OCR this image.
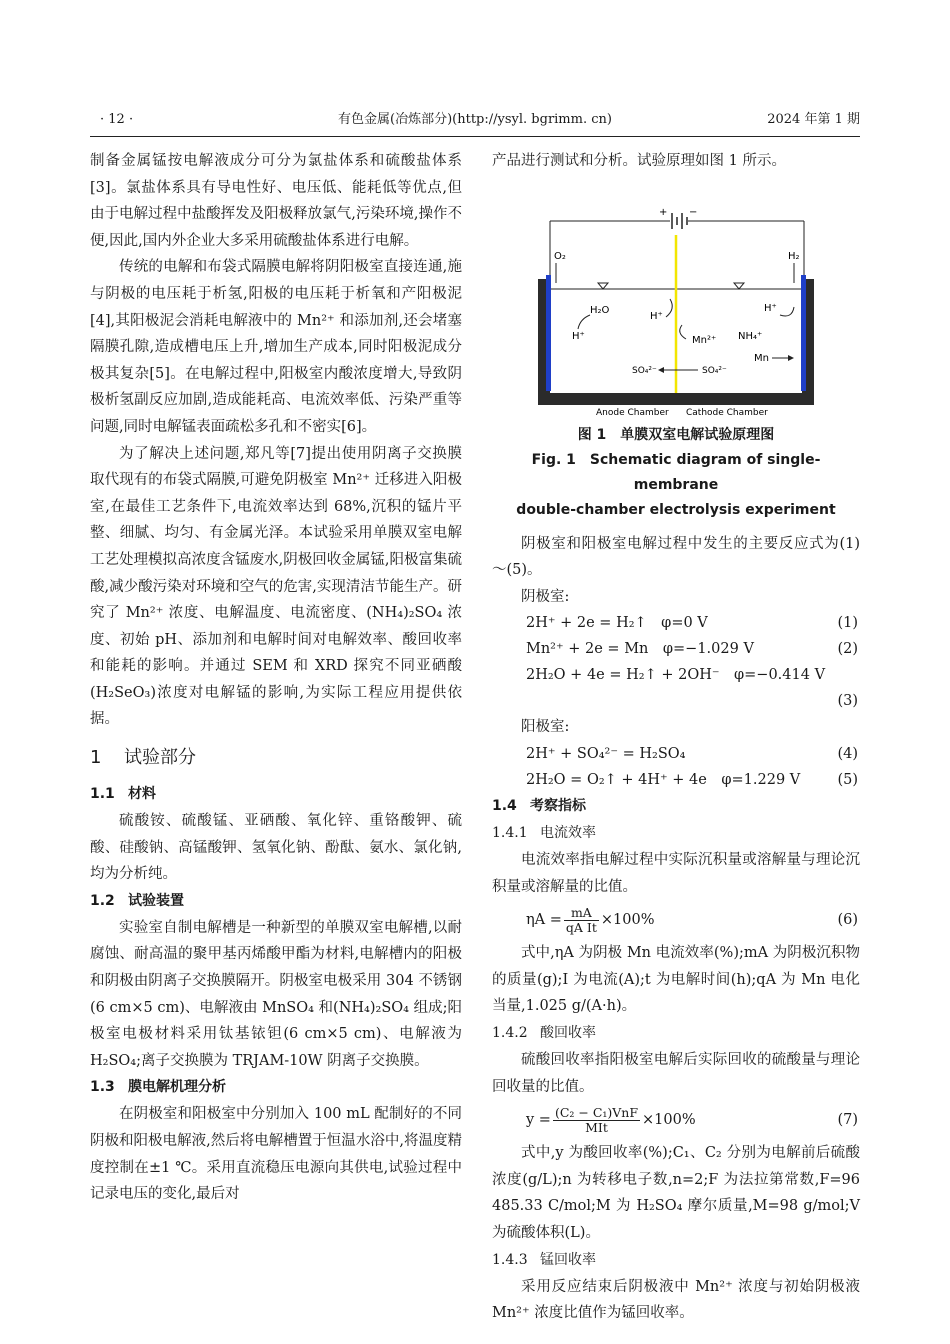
· 12 ·	有色金属(冶炼部分)(http://ysyl. bgrimm. cn)	2024 年第 1 期

制备金属锰按电解液成分可分为氯盐体系和硫酸盐体系[3]。氯盐体系具有导电性好、电压低、能耗低等优点,但由于电解过程中盐酸挥发及阳极释放氯气,污染环境,操作不便,因此,国内外企业大多采用硫酸盐体系进行电解。

传统的电解和布袋式隔膜电解将阴阳极室直接连通,施与阴极的电压耗于析氢,阳极的电压耗于析氧和产阳极泥[4],其阳极泥会消耗电解液中的 Mn²⁺ 和添加剂,还会堵塞隔膜孔隙,造成槽电压上升,增加生产成本,同时阳极泥成分极其复杂[5]。在电解过程中,阳极室内酸浓度增大,导致阴极析氢副反应加剧,造成能耗高、电流效率低、污染严重等问题,同时电解锰表面疏松多孔和不密实[6]。

为了解决上述问题,郑凡等[7]提出使用阴离子交换膜取代现有的布袋式隔膜,可避免阴极室 Mn²⁺ 迁移进入阳极室,在最佳工艺条件下,电流效率达到 68%,沉积的锰片平整、细腻、均匀、有金属光泽。本试验采用单膜双室电解工艺处理模拟高浓度含锰废水,阴极回收金属锰,阳极富集硫酸,减少酸污染对环境和空气的危害,实现清洁节能生产。研究了 Mn²⁺ 浓度、电解温度、电流密度、(NH₄)₂SO₄ 浓度、初始 pH、添加剂和电解时间对电解效率、酸回收率和能耗的影响。并通过 SEM 和 XRD 探究不同亚硒酸(H₂SeO₃)浓度对电解锰的影响,为实际工程应用提供依据。

1 试验部分
1.1 材料

硫酸铵、硫酸锰、亚硒酸、氧化锌、重铬酸钾、硫酸、硅酸钠、高锰酸钾、氢氧化钠、酚酞、氨水、氯化钠,均为分析纯。

1.2 试验装置

实验室自制电解槽是一种新型的单膜双室电解槽,以耐腐蚀、耐高温的聚甲基丙烯酸甲酯为材料,电解槽内的阳极和阴极由阴离子交换膜隔开。阴极室电极采用 304 不锈钢(6 cm×5 cm)、电解液由 MnSO₄ 和(NH₄)₂SO₄ 组成;阳极室电极材料采用钛基铱钽(6 cm×5 cm)、电解液为 H₂SO₄;离子交换膜为 TRJAM-10W 阴离子交换膜。

1.3 膜电解机理分析

在阴极室和阳极室中分别加入 100 mL 配制好的不同阴极和阳极电解液,然后将电解槽置于恒温水浴中,将温度精度控制在±1 ℃。采用直流稳压电源向其供电,试验过程中记录电压的变化,最后对

产品进行测试和分析。试验原理如图 1 所示。

+ −
O₂	H₂
H₂O
H⁺
H⁺
Mn²⁺ NH₄⁺
H⁺
Mn
SO₄²⁻	SO₄²⁻
Anode Chamber Cathode Chamber
图 1　单膜双室电解试验原理图
Fig. 1　Schematic diagram of single-membrane
double-chamber electrolysis experiment

阴极室和阳极室电解过程中发生的主要反应式为(1)～(5)。

阴极室:
2H⁺ + 2e = H₂↑　φ=0 V	(1)
Mn²⁺ + 2e = Mn　φ=−1.029 V	(2)
2H₂O + 4e = H₂↑ + 2OH⁻　φ=−0.414 V
(3)
阳极室:
2H⁺ + SO₄²⁻ = H₂SO₄	(4)
2H₂O = O₂↑ + 4H⁺ + 4e　φ=1.229 V	(5)
1.4 考察指标
1.4.1 电流效率

电流效率指电解过程中实际沉积量或溶解量与理论沉积量或溶解量的比值。

$\eta A = \frac{mA}{\text{qA It}} \times 100\%$	(6)

式中,ηA 为阴极 Mn 电流效率(%);mA 为阴极沉积物的质量(g);I 为电流(A);t 为电解时间(h);qA 为 Mn 电化当量,1.025 g/(A·h)。

1.4.2 酸回收率

硫酸回收率指阳极室电解后实际回收的硫酸量与理论回收量的比值。

$y = \frac{\text{(C₂ − C₁)VnF}}{\text{MIt}} \times 100\%$	(7)

式中,y 为酸回收率(%);C₁、C₂ 分别为电解前后硫酸浓度(g/L);n 为转移电子数,n=2;F 为法拉第常数,F=96 485.33 C/mol;M 为 H₂SO₄ 摩尔质量,M=98 g/mol;V 为硫酸体积(L)。

1.4.3 锰回收率

采用反应结束后阴极液中 Mn²⁺ 浓度与初始阴极液 Mn²⁺ 浓度比值作为锰回收率。
